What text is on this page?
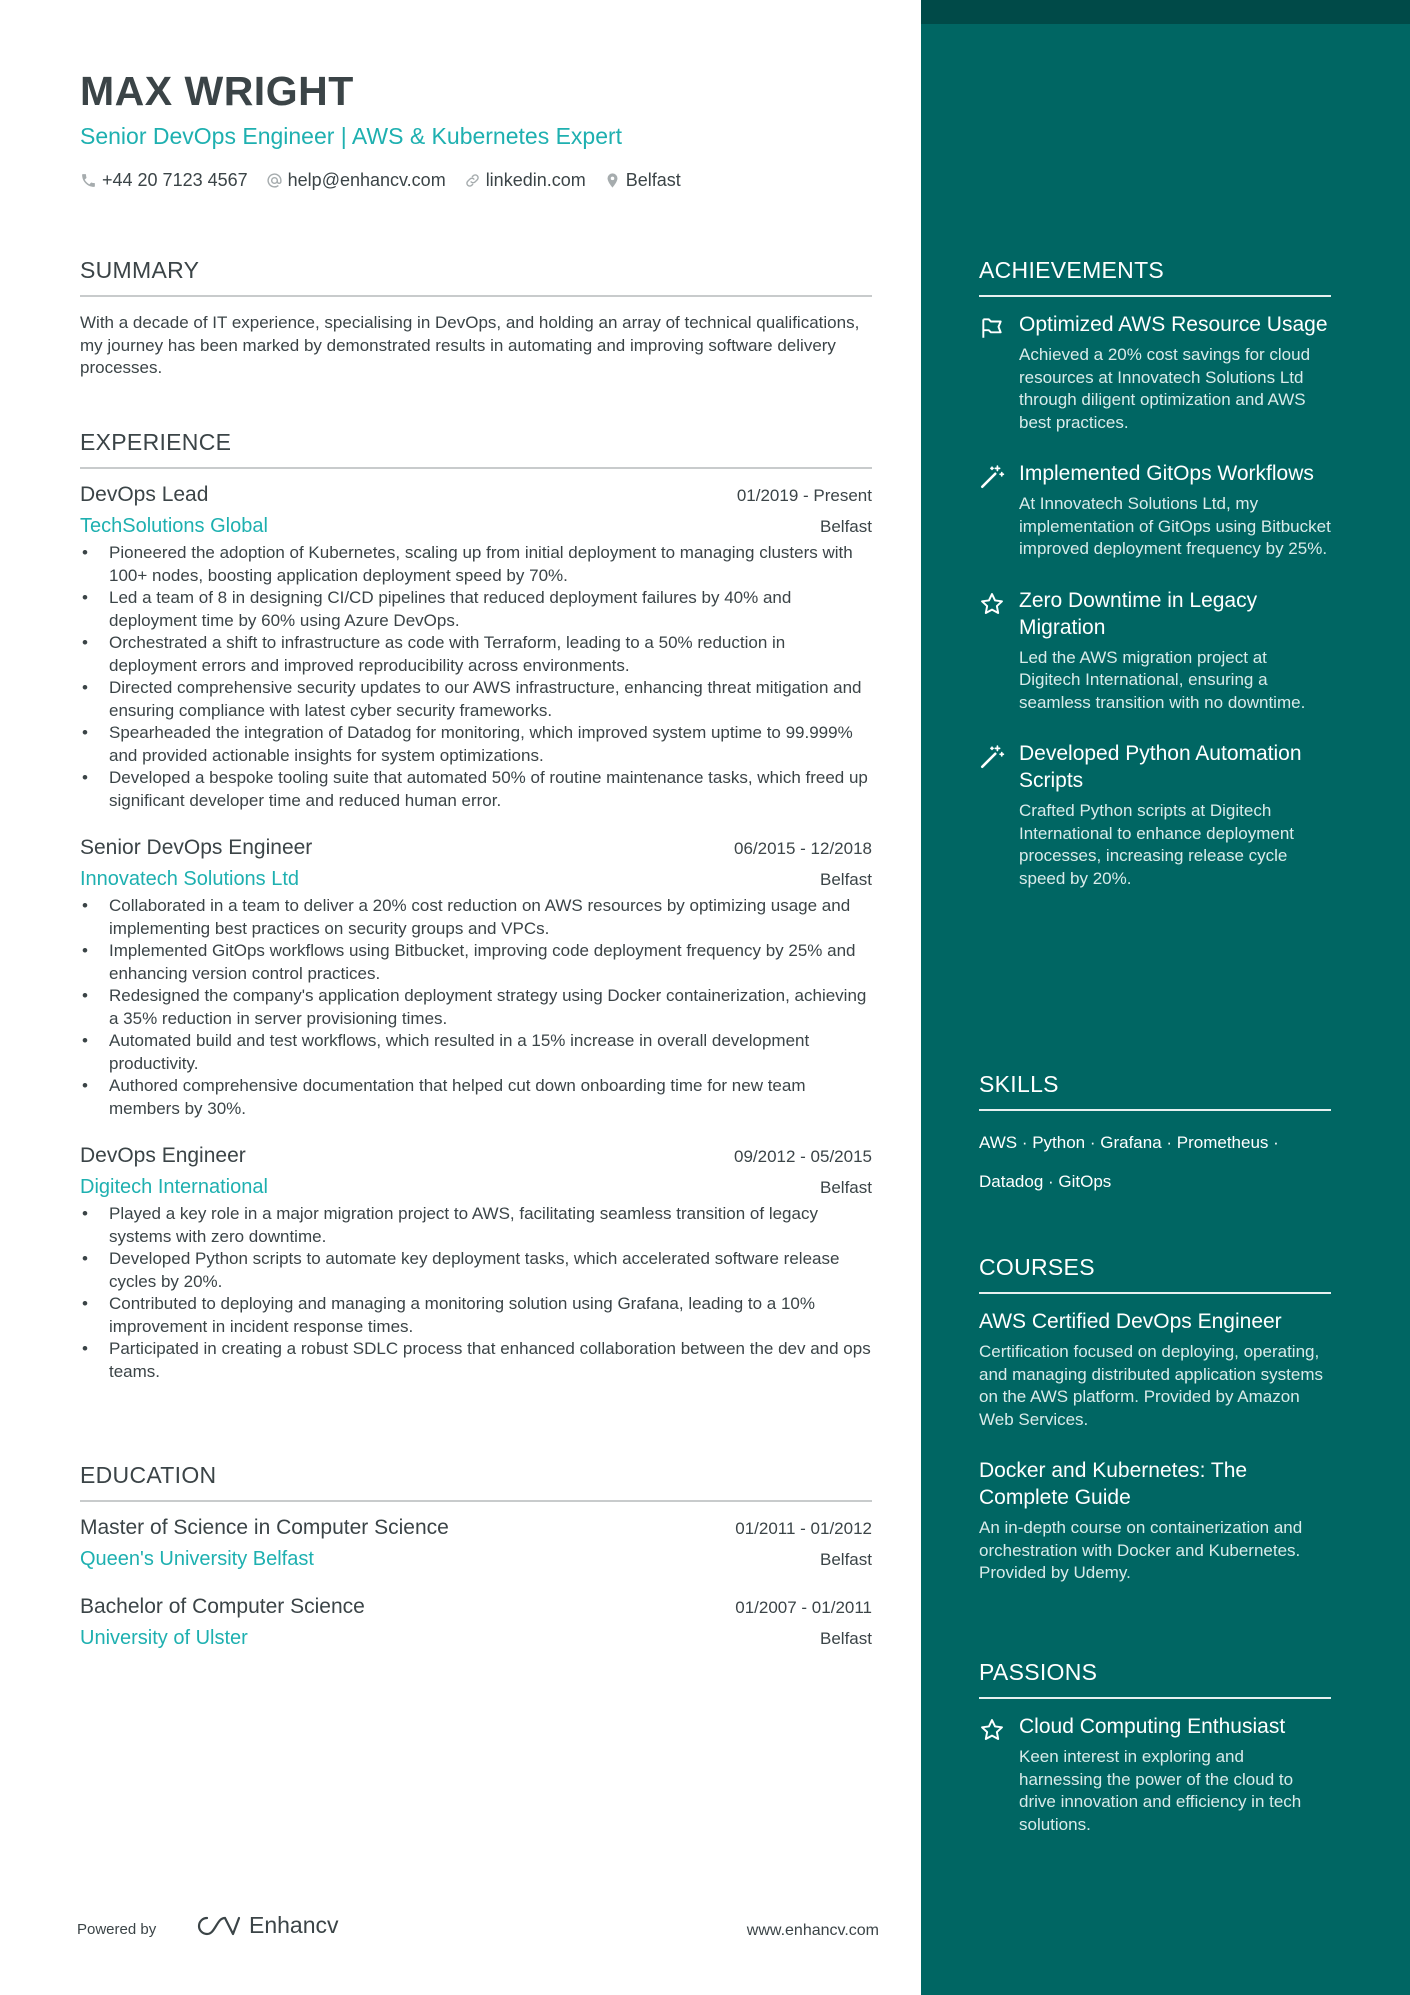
MAX WRIGHT
Senior DevOps Engineer | AWS & Kubernetes Expert
+44 20 7123 4567 help@enhancv.com linkedin.com Belfast
SUMMARY
With a decade of IT experience, specialising in DevOps, and holding an array of technical qualifications, my journey has been marked by demonstrated results in automating and improving software delivery processes.
EXPERIENCE
DevOps Lead	01/2019 - Present
TechSolutions Global	Belfast
• Pioneered the adoption of Kubernetes, scaling up from initial deployment to managing clusters with 100+ nodes, boosting application deployment speed by 70%.
• Led a team of 8 in designing CI/CD pipelines that reduced deployment failures by 40% and deployment time by 60% using Azure DevOps.
• Orchestrated a shift to infrastructure as code with Terraform, leading to a 50% reduction in deployment errors and improved reproducibility across environments.
• Directed comprehensive security updates to our AWS infrastructure, enhancing threat mitigation and ensuring compliance with latest cyber security frameworks.
• Spearheaded the integration of Datadog for monitoring, which improved system uptime to 99.999% and provided actionable insights for system optimizations.
• Developed a bespoke tooling suite that automated 50% of routine maintenance tasks, which freed up significant developer time and reduced human error.
Senior DevOps Engineer	06/2015 - 12/2018
Innovatech Solutions Ltd	Belfast
• Collaborated in a team to deliver a 20% cost reduction on AWS resources by optimizing usage and implementing best practices on security groups and VPCs.
• Implemented GitOps workflows using Bitbucket, improving code deployment frequency by 25% and enhancing version control practices.
• Redesigned the company's application deployment strategy using Docker containerization, achieving a 35% reduction in server provisioning times.
• Automated build and test workflows, which resulted in a 15% increase in overall development productivity.
• Authored comprehensive documentation that helped cut down onboarding time for new team members by 30%.
DevOps Engineer	09/2012 - 05/2015
Digitech International	Belfast
• Played a key role in a major migration project to AWS, facilitating seamless transition of legacy systems with zero downtime.
• Developed Python scripts to automate key deployment tasks, which accelerated software release cycles by 20%.
• Contributed to deploying and managing a monitoring solution using Grafana, leading to a 10% improvement in incident response times.
• Participated in creating a robust SDLC process that enhanced collaboration between the dev and ops teams.
EDUCATION
Master of Science in Computer Science	01/2011 - 01/2012
Queen's University Belfast	Belfast
Bachelor of Computer Science	01/2007 - 01/2011
University of Ulster	Belfast
Powered by	Enhancv	www.enhancv.com
ACHIEVEMENTS
Optimized AWS Resource Usage
Achieved a 20% cost savings for cloud resources at Innovatech Solutions Ltd through diligent optimization and AWS best practices.
Implemented GitOps Workflows
At Innovatech Solutions Ltd, my implementation of GitOps using Bitbucket improved deployment frequency by 25%.
Zero Downtime in Legacy Migration
Led the AWS migration project at Digitech International, ensuring a seamless transition with no downtime.
Developed Python Automation Scripts
Crafted Python scripts at Digitech International to enhance deployment processes, increasing release cycle speed by 20%.
SKILLS
AWS · Python · Grafana · Prometheus ·
Datadog · GitOps
COURSES
AWS Certified DevOps Engineer
Certification focused on deploying, operating, and managing distributed application systems on the AWS platform. Provided by Amazon Web Services.
Docker and Kubernetes: The Complete Guide
An in-depth course on containerization and orchestration with Docker and Kubernetes. Provided by Udemy.
PASSIONS
Cloud Computing Enthusiast
Keen interest in exploring and harnessing the power of the cloud to drive innovation and efficiency in tech solutions.
